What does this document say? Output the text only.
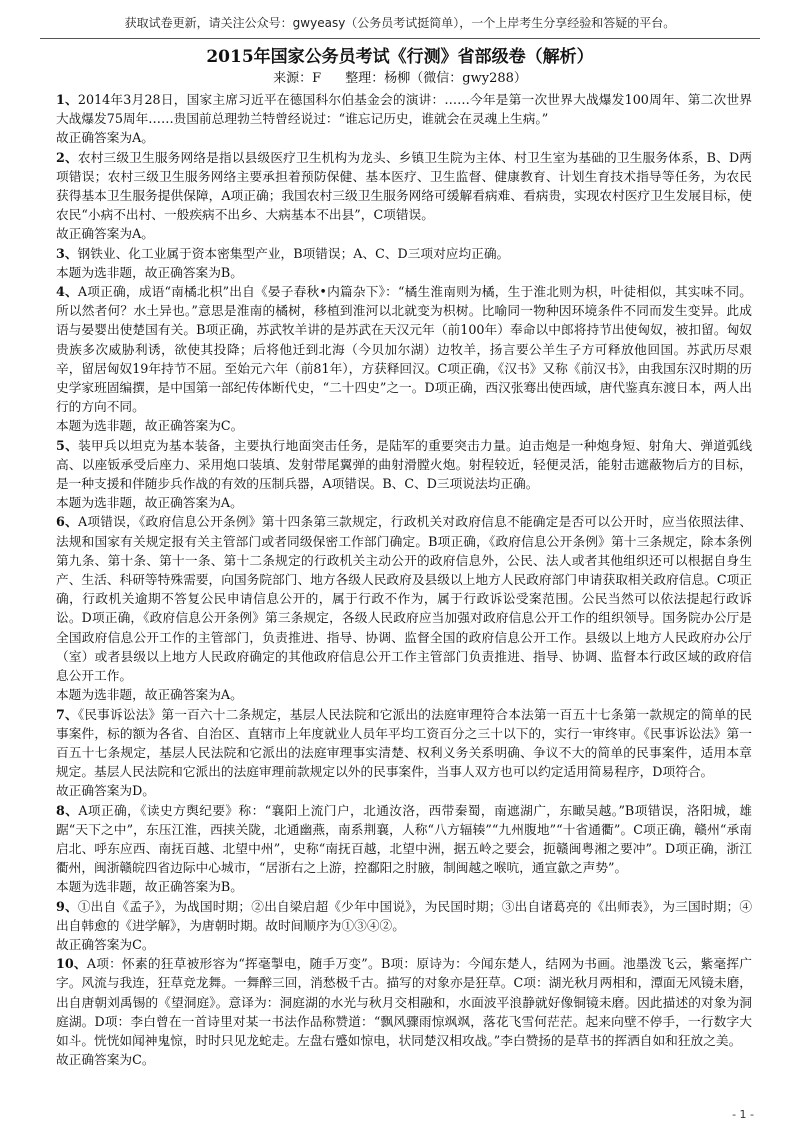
获取试卷更新，请关注公众号：gwyeasy（公务员考试挺简单），一个上岸考生分享经验和答疑的平台。
2015年国家公务员考试《行测》省部级卷（解析）
来源：F 整理：杨柳（微信：gwy288）

1、2014年3月28日，国家主席习近平在德国科尔伯基金会的演讲：……今年是第一次世界大战爆发100周年、第二次世界大战爆发75周年……贵国前总理勃兰特曾经说过：“谁忘记历史，谁就会在灵魂上生病。”

故正确答案为A。

2、农村三级卫生服务网络是指以县级医疗卫生机构为龙头、乡镇卫生院为主体、村卫生室为基础的卫生服务体系，B、D两项错误；农村三级卫生服务网络主要承担着预防保健、基本医疗、卫生监督、健康教育、计划生育技术指导等任务，为农民获得基本卫生服务提供保障，A项正确；我国农村三级卫生服务网络可缓解看病难、看病贵，实现农村医疗卫生发展目标，使农民“小病不出村、一般疾病不出乡、大病基本不出县”，C项错误。

故正确答案为A。

3、钢铁业、化工业属于资本密集型产业，B项错误；A、C、D三项对应均正确。

本题为选非题，故正确答案为B。

4、A项正确，成语“南橘北枳”出自《晏子春秋•内篇杂下》：“橘生淮南则为橘，生于淮北则为枳，叶徒相似，其实味不同。所以然者何？水土异也。”意思是淮南的橘树，移植到淮河以北就变为枳树。比喻同一物种因环境条件不同而发生变异。此成语与晏婴出使楚国有关。B项正确，苏武牧羊讲的是苏武在天汉元年（前100年）奉命以中郎将持节出使匈奴，被扣留。匈奴贵族多次威胁利诱，欲使其投降；后将他迁到北海（今贝加尔湖）边牧羊，扬言要公羊生子方可释放他回国。苏武历尽艰辛，留居匈奴19年持节不屈。至始元六年（前81年），方获释回汉。C项正确，《汉书》又称《前汉书》，由我国东汉时期的历史学家班固编撰，是中国第一部纪传体断代史，“二十四史”之一。D项正确，西汉张骞出使西域，唐代鉴真东渡日本，两人出行的方向不同。

本题为选非题，故正确答案为C。

5、装甲兵以坦克为基本装备，主要执行地面突击任务，是陆军的重要突击力量。迫击炮是一种炮身短、射角大、弹道弧线高、以座钣承受后座力、采用炮口装填、发射带尾翼弹的曲射滑膛火炮。射程较近，轻便灵活，能射击遮蔽物后方的目标，是一种支援和伴随步兵作战的有效的压制兵器，A项错误。B、C、D三项说法均正确。

本题为选非题，故正确答案为A。

6、A项错误，《政府信息公开条例》第十四条第三款规定，行政机关对政府信息不能确定是否可以公开时，应当依照法律、法规和国家有关规定报有关主管部门或者同级保密工作部门确定。B项正确，《政府信息公开条例》第十三条规定，除本条例第九条、第十条、第十一条、第十二条规定的行政机关主动公开的政府信息外，公民、法人或者其他组织还可以根据自身生产、生活、科研等特殊需要，向国务院部门、地方各级人民政府及县级以上地方人民政府部门申请获取相关政府信息。C项正确，行政机关逾期不答复公民申请信息公开的，属于行政不作为，属于行政诉讼受案范围。公民当然可以依法提起行政诉讼。D项正确，《政府信息公开条例》第三条规定，各级人民政府应当加强对政府信息公开工作的组织领导。国务院办公厅是全国政府信息公开工作的主管部门，负责推进、指导、协调、监督全国的政府信息公开工作。县级以上地方人民政府办公厅（室）或者县级以上地方人民政府确定的其他政府信息公开工作主管部门负责推进、指导、协调、监督本行政区域的政府信息公开工作。

本题为选非题，故正确答案为A。

7、《民事诉讼法》第一百六十二条规定，基层人民法院和它派出的法庭审理符合本法第一百五十七条第一款规定的简单的民事案件，标的额为各省、自治区、直辖市上年度就业人员年平均工资百分之三十以下的，实行一审终审。《民事诉讼法》第一百五十七条规定，基层人民法院和它派出的法庭审理事实清楚、权利义务关系明确、争议不大的简单的民事案件，适用本章规定。基层人民法院和它派出的法庭审理前款规定以外的民事案件，当事人双方也可以约定适用简易程序，D项符合。

故正确答案为D。

8、A项正确，《读史方舆纪要》称：“襄阳上流门户，北通汝洛，西带秦蜀，南遮湖广，东瞰吴越。”B项错误，洛阳城，雄踞“天下之中”，东压江淮，西挟关陇，北通幽燕，南系荆襄，人称“八方辐辏”“九州腹地”“十省通衢”。C项正确，赣州“承南启北、呼东应西、南抚百越、北望中州”，史称“南抚百越，北望中洲，据五岭之要会，扼赣闽粤湘之要冲”。D项正确，浙江衢州，闽浙赣皖四省边际中心城市，“居浙右之上游，控鄱阳之肘腋，制闽越之喉吭，通宣歙之声势”。

本题为选非题，故正确答案为B。

9、①出自《孟子》，为战国时期；②出自梁启超《少年中国说》，为民国时期；③出自诸葛亮的《出师表》，为三国时期；④出自韩愈的《进学解》，为唐朝时期。故时间顺序为①③④②。

故正确答案为C。

10、A项：怀素的狂草被形容为“挥毫掣电，随手万变”。B项：原诗为：今闻东楚人，结网为书画。池墨泼飞云，紫毫挥广字。风流与我连，狂草竞龙舞。一舞醉三回，消愁极千古。描写的对象亦是狂草。C项：湖光秋月两相和，潭面无风镜未磨，出自唐朝刘禹锡的《望洞庭》。意译为：洞庭湖的水光与秋月交相融和，水面波平浪静就好像铜镜未磨。因此描述的对象为洞庭湖。D项：李白曾在一首诗里对某一书法作品称赞道：“飘风骤雨惊飒飒，落花飞雪何茫茫。起来向壁不停手，一行数字大如斗。恍恍如闻神鬼惊，时时只见龙蛇走。左盘右蹙如惊电，状同楚汉相攻战。”李白赞扬的是草书的挥洒自如和狂放之美。

故正确答案为C。

- 1 -
